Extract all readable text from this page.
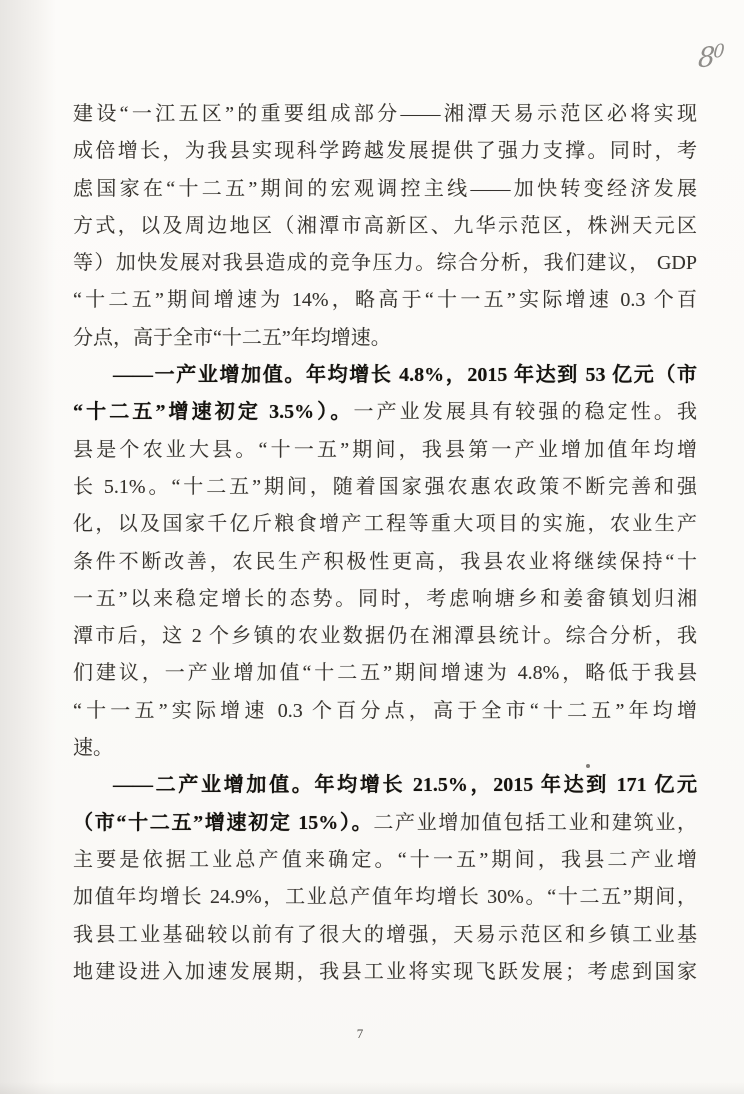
80
建设“一江五区”的重要组成部分——湘潭天易示范区必将实现
成倍增长，为我县实现科学跨越发展提供了强力支撑。同时，考
虑国家在“十二五”期间的宏观调控主线——加快转变经济发展
方式，以及周边地区（湘潭市高新区、九华示范区，株洲天元区
等）加快发展对我县造成的竞争压力。综合分析，我们建议， GDP
“十二五”期间增速为 14%，略高于“十一五”实际增速 0.3 个百
分点，高于全市“十二五”年均增速。
——一产业增加值。年均增长 4.8%，2015 年达到 53 亿元（市
“十二五”增速初定 3.5%）。一产业发展具有较强的稳定性。我
县是个农业大县。“十一五”期间，我县第一产业增加值年均增
长 5.1%。“十二五”期间，随着国家强农惠农政策不断完善和强
化，以及国家千亿斤粮食增产工程等重大项目的实施，农业生产
条件不断改善，农民生产积极性更高，我县农业将继续保持“十
一五”以来稳定增长的态势。同时，考虑响塘乡和姜畲镇划归湘
潭市后，这 2 个乡镇的农业数据仍在湘潭县统计。综合分析，我
们建议，一产业增加值“十二五”期间增速为 4.8%，略低于我县
“十一五”实际增速 0.3 个百分点，高于全市“十二五”年均增
速。
——二产业增加值。年均增长 21.5%，2015 年达到 171 亿元
（市“十二五”增速初定 15%）。二产业增加值包括工业和建筑业，
主要是依据工业总产值来确定。“十一五”期间，我县二产业增
加值年均增长 24.9%，工业总产值年均增长 30%。“十二五”期间，
我县工业基础较以前有了很大的增强，天易示范区和乡镇工业基
地建设进入加速发展期，我县工业将实现飞跃发展；考虑到国家
7
